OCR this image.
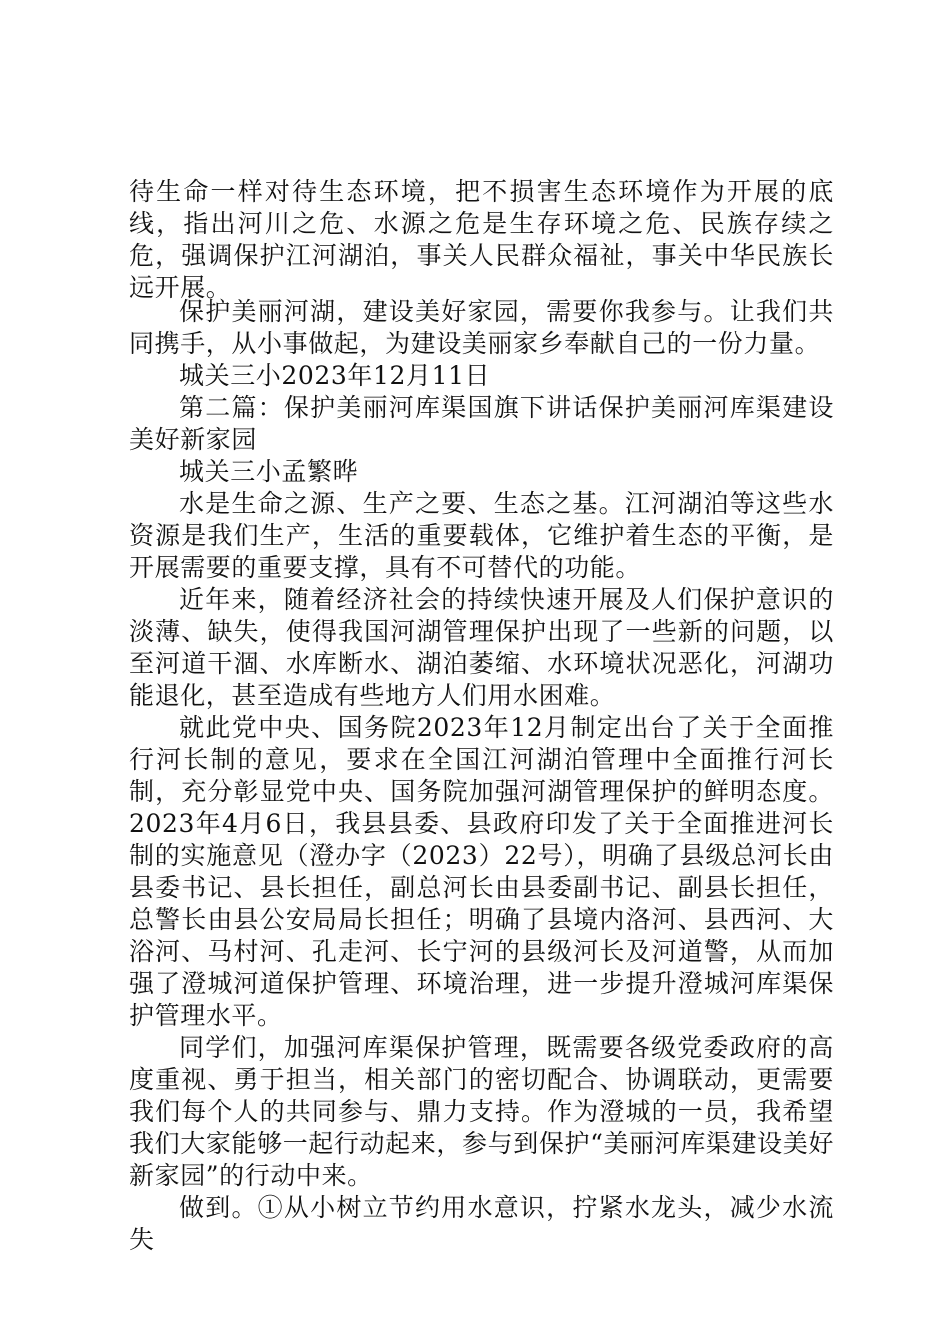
待生命一样对待生态环境，把不损害生态环境作为开展的底线，指出河川之危、水源之危是生存环境之危、民族存续之危，强调保护江河湖泊，事关人民群众福祉，事关中华民族长远开展。

保护美丽河湖，建设美好家园，需要你我参与。让我们共同携手，从小事做起，为建设美丽家乡奉献自己的一份力量。

城关三小2023年12月11日

第二篇：保护美丽河库渠国旗下讲话保护美丽河库渠建设美好新家园

城关三小孟繁晔

水是生命之源、生产之要、生态之基。江河湖泊等这些水资源是我们生产，生活的重要载体，它维护着生态的平衡，是开展需要的重要支撑，具有不可替代的功能。

近年来，随着经济社会的持续快速开展及人们保护意识的淡薄、缺失，使得我国河湖管理保护出现了一些新的问题，以至河道干涸、水库断水、湖泊萎缩、水环境状况恶化，河湖功能退化，甚至造成有些地方人们用水困难。

就此党中央、国务院2023年12月制定出台了关于全面推行河长制的意见，要求在全国江河湖泊管理中全面推行河长制，充分彰显党中央、国务院加强河湖管理保护的鲜明态度。2023年4月6日，我县县委、县政府印发了关于全面推进河长制的实施意见（澄办字（2023）22号），明确了县级总河长由县委书记、县长担任，副总河长由县委副书记、副县长担任，总警长由县公安局局长担任；明确了县境内洛河、县西河、大浴河、马村河、孔走河、长宁河的县级河长及河道警，从而加强了澄城河道保护管理、环境治理，进一步提升澄城河库渠保护管理水平。

同学们，加强河库渠保护管理，既需要各级党委政府的高度重视、勇于担当，相关部门的密切配合、协调联动，更需要我们每个人的共同参与、鼎力支持。作为澄城的一员，我希望我们大家能够一起行动起来，参与到保护“美丽河库渠建设美好新家园”的行动中来。

做到。①从小树立节约用水意识，拧紧水龙头，减少水流失
